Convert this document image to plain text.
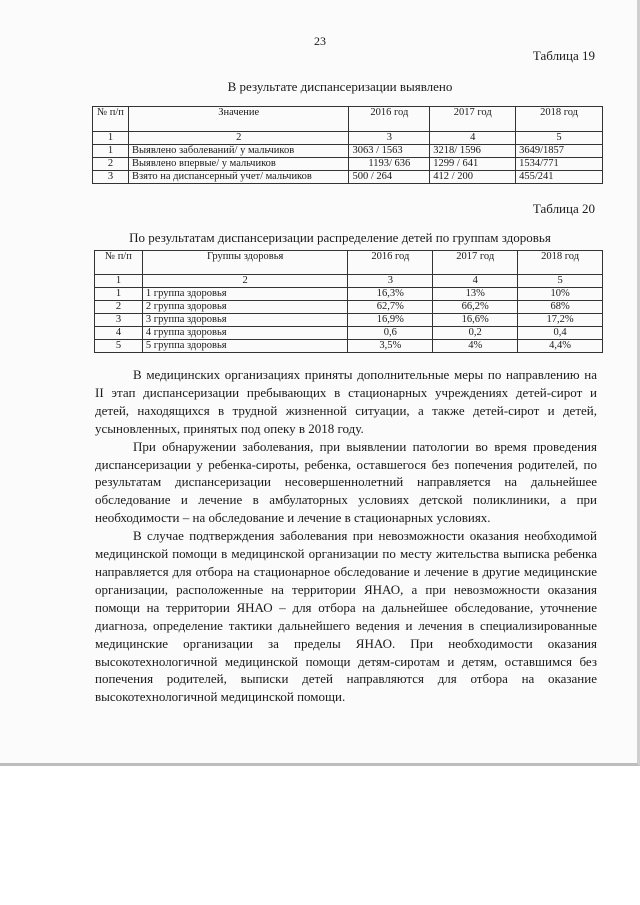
23
Таблица 19
В результате диспансеризации выявлено
№ п/п	Значение	2016 год	2017 год	2018 год
1	2	3	4	5
1	Выявлено заболеваний/ у мальчиков	3063 / 1563	3218/ 1596	3649/1857
2	Выявлено впервые/ у мальчиков	1193/ 636	1299 / 641	1534/771
3	Взято на диспансерный учет/ мальчиков	500 / 264	412 / 200	455/241
Таблица 20
По результатам диспансеризации распределение детей по группам здоровья
№ п/п	Группы здоровья	2016 год	2017 год	2018 год
1	2	3	4	5
1	1 группа здоровья	16,3%	13%	10%
2	2 группа здоровья	62,7%	66,2%	68%
3	3 группа здоровья	16,9%	16,6%	17,2%
4	4 группа здоровья	0,6	0,2	0,4
5	5 группа здоровья	3,5%	4%	4,4%

В медицинских организациях приняты дополнительные меры по направлению на II этап диспансеризации пребывающих в стационарных учреждениях детей-сирот и детей, находящихся в трудной жизненной ситуации, а также детей-сирот и детей, усыновленных, принятых под опеку в 2018 году.

При обнаружении заболевания, при выявлении патологии во время проведения диспансеризации у ребенка-сироты, ребенка, оставшегося без попечения родителей, по результатам диспансеризации несовершеннолетний направляется на дальнейшее обследование и лечение в амбулаторных условиях детской поликлиники, а при необходимости – на обследование и лечение в стационарных условиях.

В случае подтверждения заболевания при невозможности оказания необходимой медицинской помощи в медицинской организации по месту жительства выписка ребенка направляется для отбора на стационарное обследование и лечение в другие медицинские организации, расположенные на территории ЯНАО, а при невозможности оказания помощи на территории ЯНАО – для отбора на дальнейшее обследование, уточнение диагноза, определение тактики дальнейшего ведения и лечения в специализированные медицинские организации за пределы ЯНАО. При необходимости оказания высокотехнологичной медицинской помощи детям-сиротам и детям, оставшимся без попечения родителей, выписки детей направляются для отбора на оказание высокотехнологичной медицинской помощи.
